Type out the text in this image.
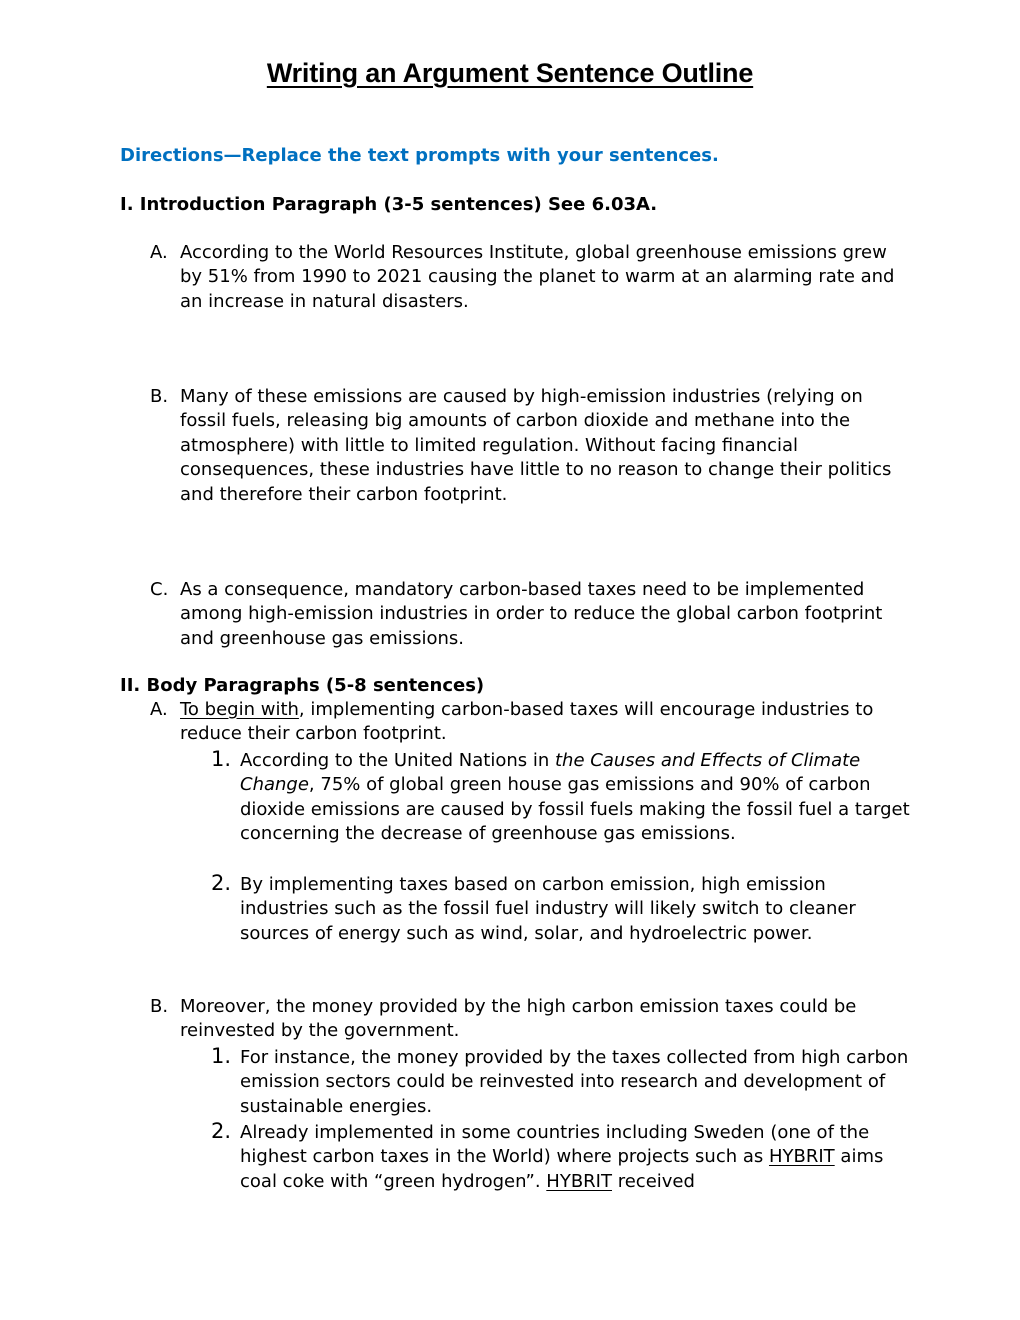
Writing an Argument Sentence Outline
Directions—Replace the text prompts with your sentences.
I. Introduction Paragraph (3-5 sentences) See 6.03A.
A. According to the World Resources Institute, global greenhouse emissions grew by 51% from 1990 to 2021 causing the planet to warm at an alarming rate and an increase in natural disasters.
B. Many of these emissions are caused by high-emission industries (relying on fossil fuels, releasing big amounts of carbon dioxide and methane into the atmosphere) with little to limited regulation. Without facing financial consequences, these industries have little to no reason to change their politics and therefore their carbon footprint.
C. As a consequence, mandatory carbon-based taxes need to be implemented among high-emission industries in order to reduce the global carbon footprint and greenhouse gas emissions.
II. Body Paragraphs (5-8 sentences)
A. To begin with, implementing carbon-based taxes will encourage industries to reduce their carbon footprint.
1. According to the United Nations in the Causes and Effects of Climate Change, 75% of global green house gas emissions and 90% of carbon dioxide emissions are caused by fossil fuels making the fossil fuel a target concerning the decrease of greenhouse gas emissions.
2. By implementing taxes based on carbon emission, high emission industries such as the fossil fuel industry will likely switch to cleaner sources of energy such as wind, solar, and hydroelectric power.
B. Moreover, the money provided by the high carbon emission taxes could be reinvested by the government.
1. For instance, the money provided by the taxes collected from high carbon emission sectors could be reinvested into research and development of sustainable energies.
2. Already implemented in some countries including Sweden (one of the highest carbon taxes in the World) where projects such as HYBRIT aims coal coke with “green hydrogen”. HYBRIT received
